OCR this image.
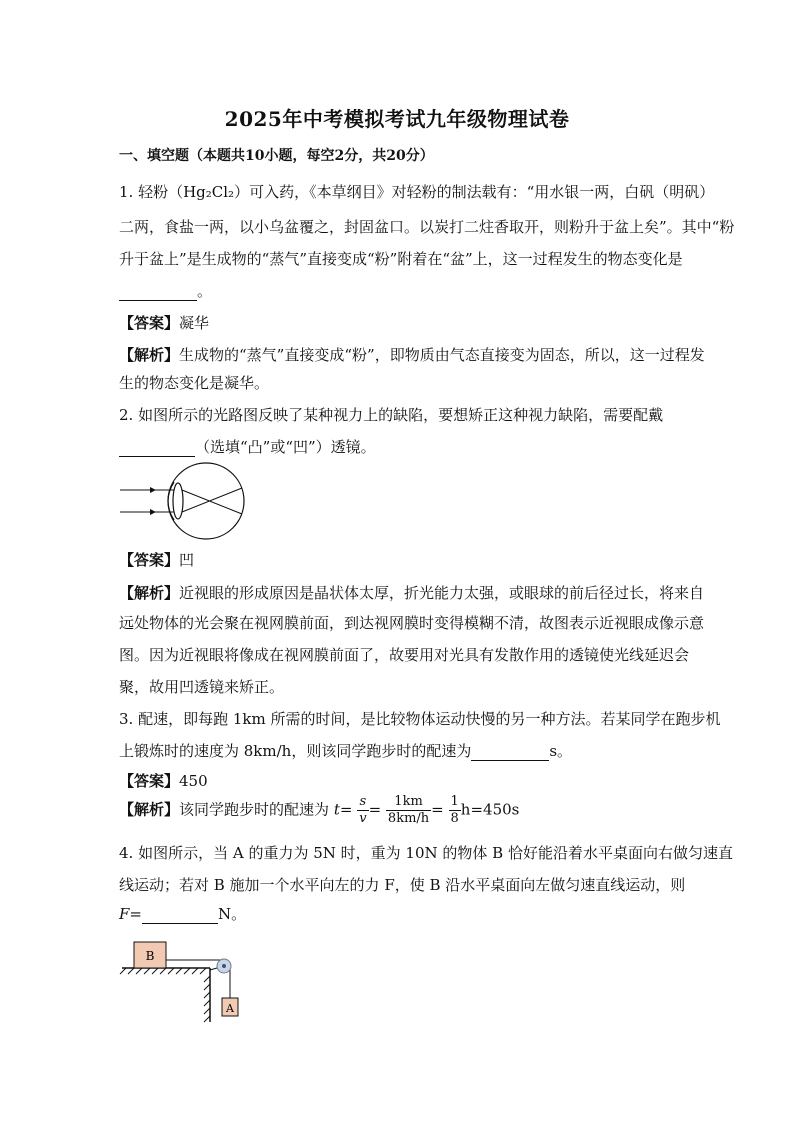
2025年中考模拟考试九年级物理试卷
一、填空题（本题共10小题，每空2分，共20分）
1. 轻粉（Hg₂Cl₂）可入药，《本草纲目》对轻粉的制法载有：“用水银一两，白矾（明矾）
二两，食盐一两，以小乌盆覆之，封固盆口。以炭打二炷香取开，则粉升于盆上矣”。其中“粉
升于盆上”是生成物的“蒸气”直接变成“粉”附着在“盆”上，这一过程发生的物态变化是
。
【答案】凝华
【解析】生成物的“蒸气”直接变成“粉”，即物质由气态直接变为固态，所以，这一过程发
生的物态变化是凝华。
2. 如图所示的光路图反映了某种视力上的缺陷，要想矫正这种视力缺陷，需要配戴
（选填“凸”或“凹”）透镜。
【答案】凹
【解析】近视眼的形成原因是晶状体太厚，折光能力太强，或眼球的前后径过长，将来自
远处物体的光会聚在视网膜前面，到达视网膜时变得模糊不清，故图表示近视眼成像示意
图。因为近视眼将像成在视网膜前面了，故要用对光具有发散作用的透镜使光线延迟会
聚，故用凹透镜来矫正。
3. 配速，即每跑 1km 所需的时间，是比较物体运动快慢的另一种方法。若某同学在跑步机
上锻炼时的速度为 8km/h，则该同学跑步时的配速为	s。
【答案】450
【解析】该同学跑步时的配速为 $t= \frac{s}{v} = \frac{1km}{8km/h} = \frac{1}{8} h=450s$
4. 如图所示，当 A 的重力为 5N 时，重为 10N 的物体 B 恰好能沿着水平桌面向右做匀速直
线运动；若对 B 施加一个水平向左的力 F，使 B 沿水平桌面向左做匀速直线运动，则
F=	N。
B
A
